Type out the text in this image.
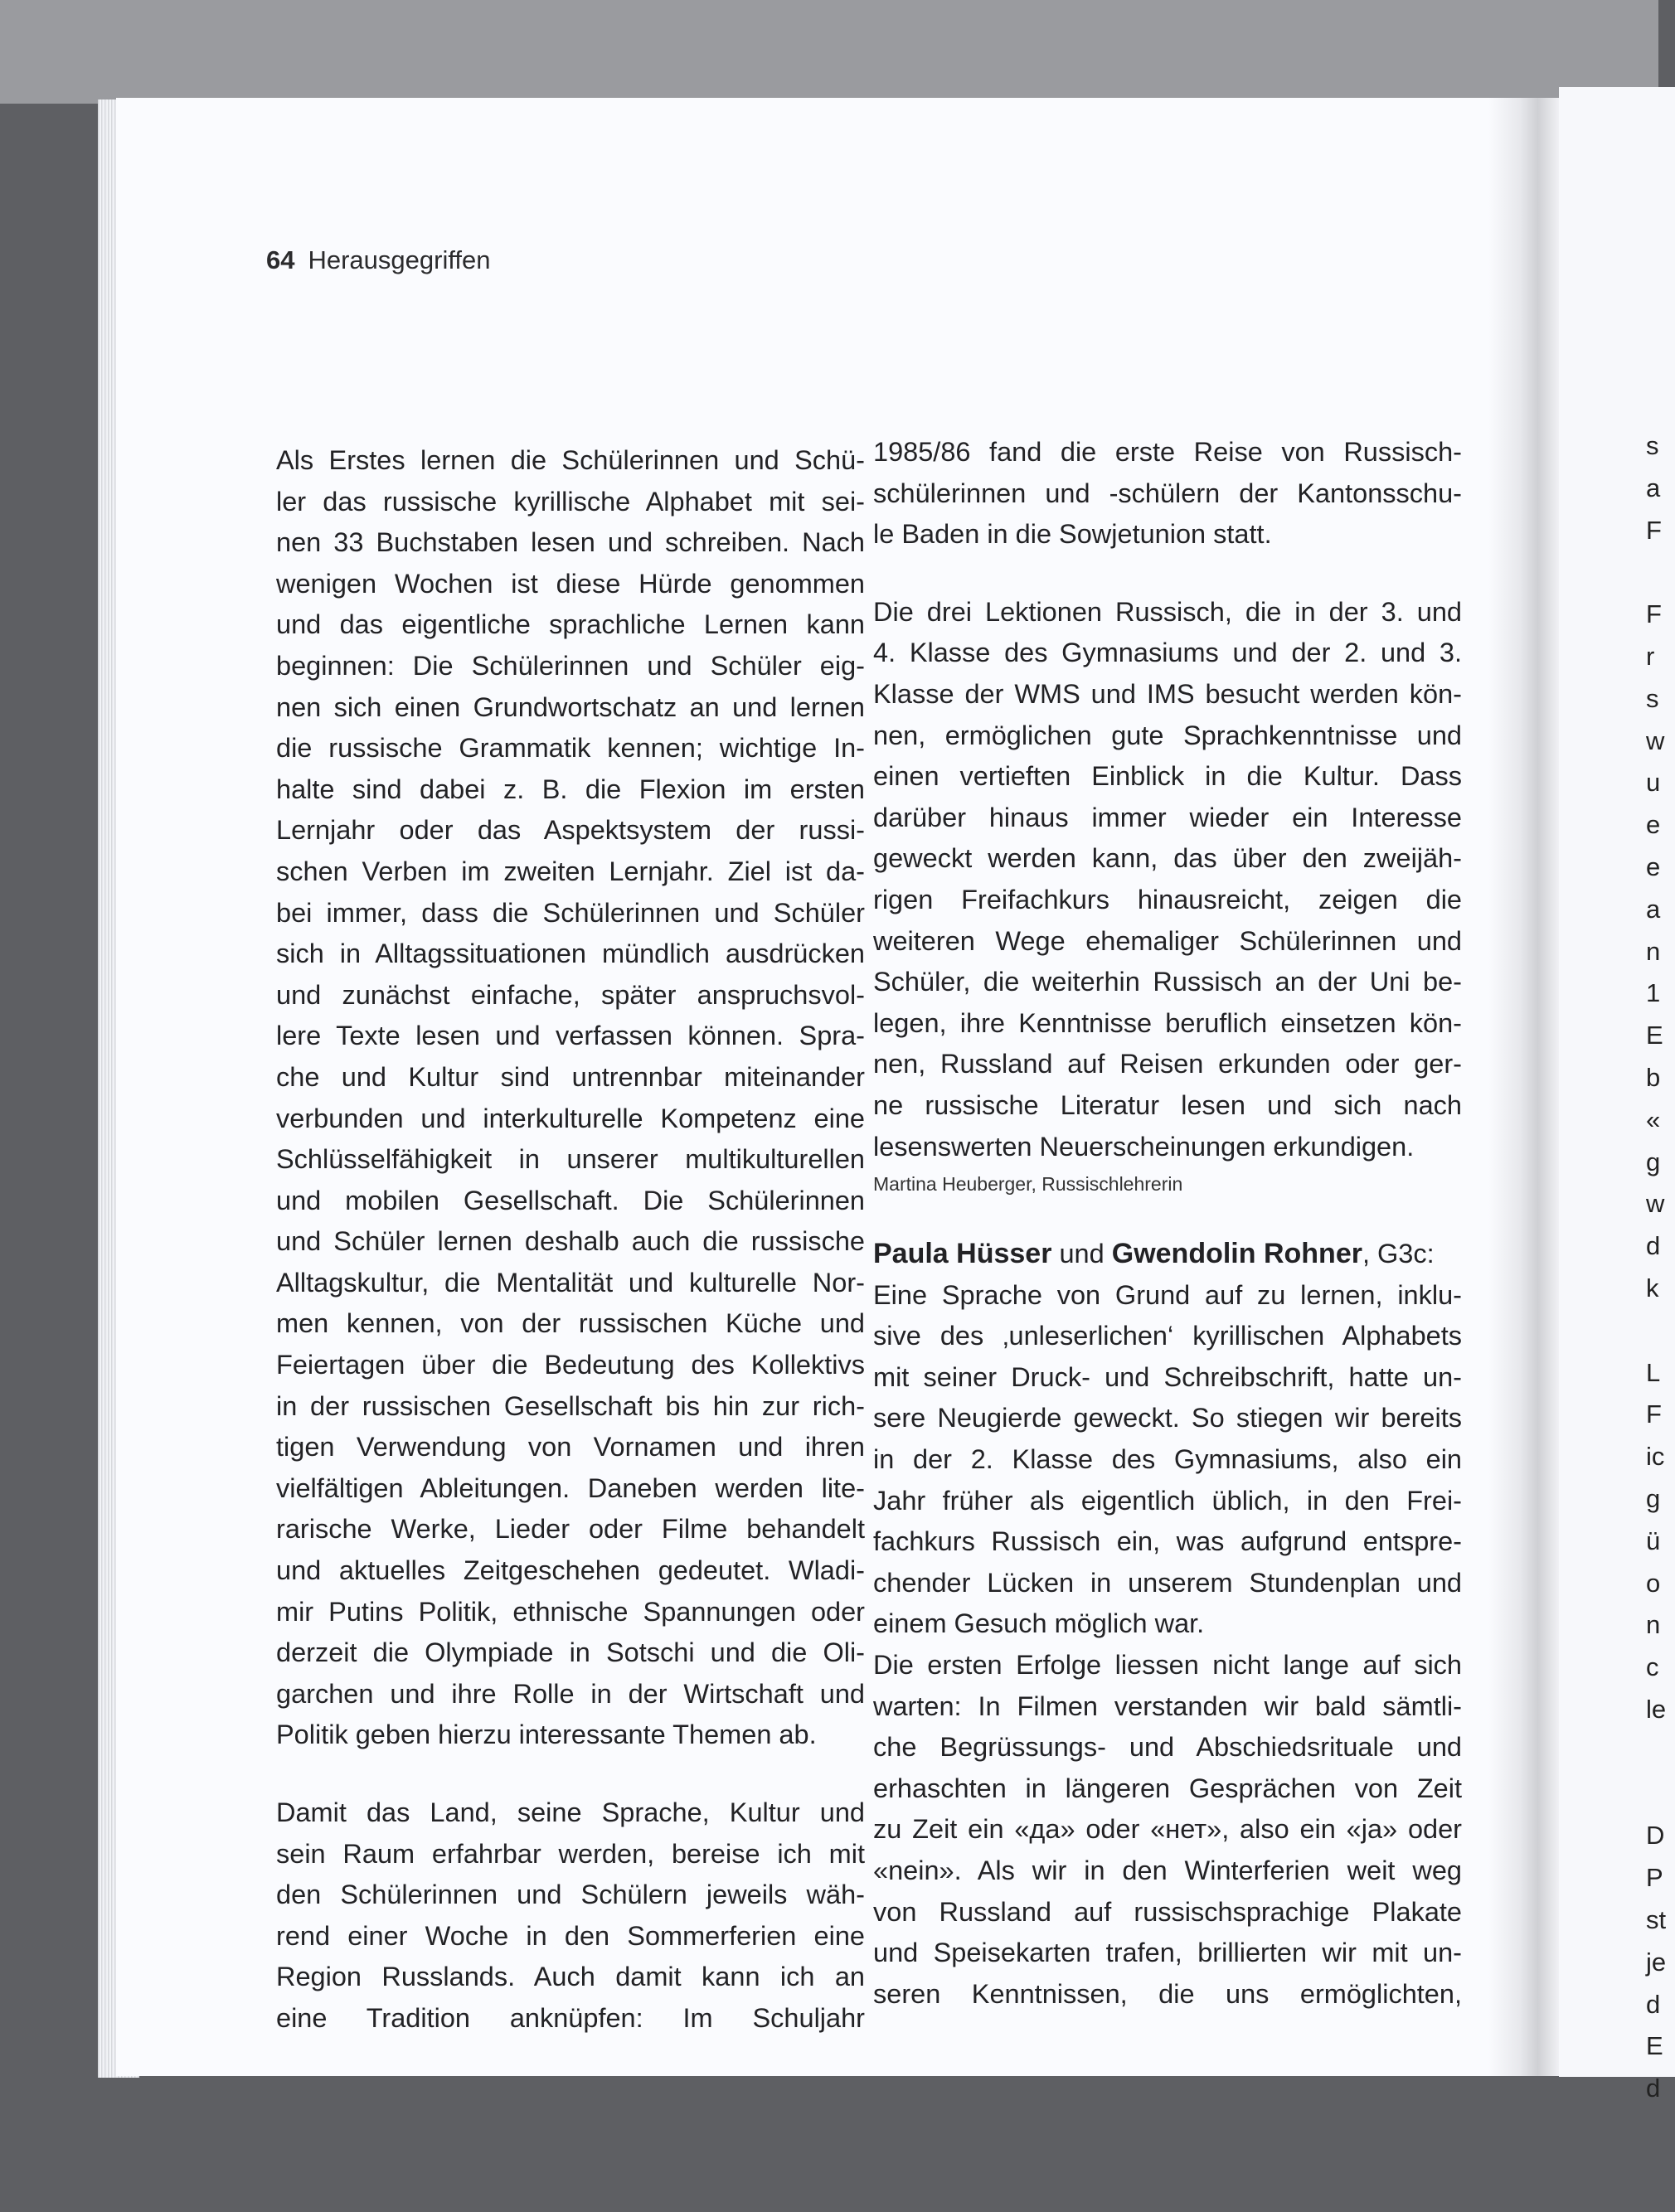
64 Herausgegriffen

Als Erstes lernen die Schülerinnen und Schü-
ler das russische kyrillische Alphabet mit sei-
nen 33 Buchstaben lesen und schreiben. Nach
wenigen Wochen ist diese Hürde genommen
und das eigentliche sprachliche Lernen kann
beginnen: Die Schülerinnen und Schüler eig-
nen sich einen Grundwortschatz an und lernen
die russische Grammatik kennen; wichtige In-
halte sind dabei z. B. die Flexion im ersten
Lernjahr oder das Aspektsystem der russi-
schen Verben im zweiten Lernjahr. Ziel ist da-
bei immer, dass die Schülerinnen und Schüler
sich in Alltagssituationen mündlich ausdrücken
und zunächst einfache, später anspruchsvol-
lere Texte lesen und verfassen können. Spra-
che und Kultur sind untrennbar miteinander
verbunden und interkulturelle Kompetenz eine
Schlüsselfähigkeit in unserer multikulturellen
und mobilen Gesellschaft. Die Schülerinnen
und Schüler lernen deshalb auch die russische
Alltagskultur, die Mentalität und kulturelle Nor-
men kennen, von der russischen Küche und
Feiertagen über die Bedeutung des Kollektivs
in der russischen Gesellschaft bis hin zur rich-
tigen Verwendung von Vornamen und ihren
vielfältigen Ableitungen. Daneben werden lite-
rarische Werke, Lieder oder Filme behandelt
und aktuelles Zeitgeschehen gedeutet. Wladi-
mir Putins Politik, ethnische Spannungen oder
derzeit die Olympiade in Sotschi und die Oli-
garchen und ihre Rolle in der Wirtschaft und
Politik geben hierzu interessante Themen ab.

Damit das Land, seine Sprache, Kultur und
sein Raum erfahrbar werden, bereise ich mit
den Schülerinnen und Schülern jeweils wäh-
rend einer Woche in den Sommerferien eine
Region Russlands. Auch damit kann ich an
eine Tradition anknüpfen: Im Schuljahr

1985/86 fand die erste Reise von Russisch-
schülerinnen und -schülern der Kantonsschu-
le Baden in die Sowjetunion statt.

Die drei Lektionen Russisch, die in der 3. und
4. Klasse des Gymnasiums und der 2. und 3.
Klasse der WMS und IMS besucht werden kön-
nen, ermöglichen gute Sprachkenntnisse und
einen vertieften Einblick in die Kultur. Dass
darüber hinaus immer wieder ein Interesse
geweckt werden kann, das über den zweijäh-
rigen Freifachkurs hinausreicht, zeigen die
weiteren Wege ehemaliger Schülerinnen und
Schüler, die weiterhin Russisch an der Uni be-
legen, ihre Kenntnisse beruflich einsetzen kön-
nen, Russland auf Reisen erkunden oder ger-
ne russische Literatur lesen und sich nach
lesenswerten Neuerscheinungen erkundigen.

Martina Heuberger, Russischlehrerin
Paula Hüsser und Gwendolin Rohner, G3c:

Eine Sprache von Grund auf zu lernen, inklu-
sive des ‚unleserlichen‘ kyrillischen Alphabets
mit seiner Druck- und Schreibschrift, hatte un-
sere Neugierde geweckt. So stiegen wir bereits
in der 2. Klasse des Gymnasiums, also ein
Jahr früher als eigentlich üblich, in den Frei-
fachkurs Russisch ein, was aufgrund entspre-
chender Lücken in unserem Stundenplan und
einem Gesuch möglich war.
Die ersten Erfolge liessen nicht lange auf sich
warten: In Filmen verstanden wir bald sämtli-
che Begrüssungs- und Abschiedsrituale und
erhaschten in längeren Gesprächen von Zeit
zu Zeit ein «да» oder «нет», also ein «ja» oder
«nein». Als wir in den Winterferien weit weg
von Russland auf russischsprachige Plakate
und Speisekarten trafen, brillierten wir mit un-
seren Kenntnissen, die uns ermöglichten,

s
a
F
F
r
s
w
u
e
e
a
n
1
E
b
«
g
w
d
k
L
F
ic
g
ü
o
n
c
le
D
P
st
je
d
E
d
